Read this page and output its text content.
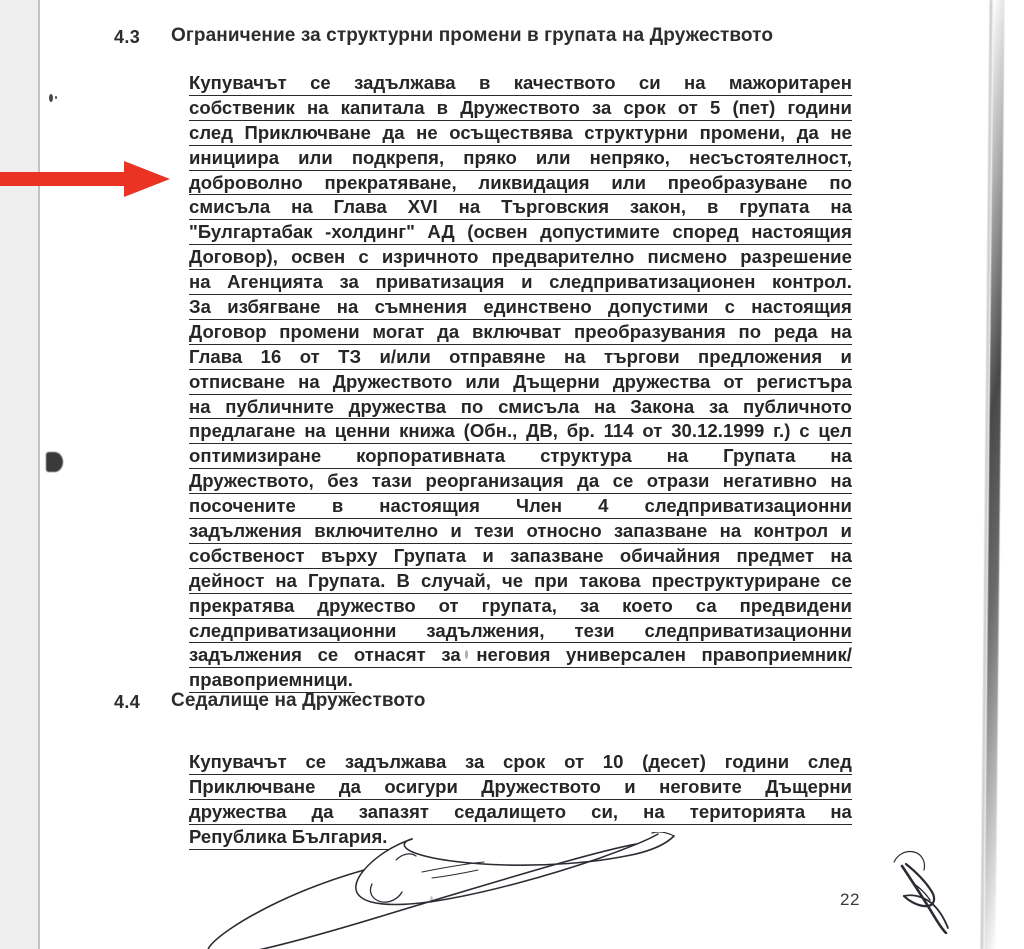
4.3 Ограничение за структурни промени в групата на Дружеството
Купувачът се задължава в качеството си на мажоритарен
собственик на капитала в Дружеството за срок от 5 (пет) години
след Приключване да не осъществява структурни промени, да не
инициира или подкрепя, пряко или непряко, несъстоятелност,
доброволно прекратяване, ликвидация или преобразуване по
смисъла на Глава XVI на Търговския закон, в групата на
"Булгартабак -холдинг" АД (освен допустимите според настоящия
Договор), освен с изричното предварително писмено разрешение
на Агенцията за приватизация и следприватизационен контрол.
За избягване на съмнения единствено допустими с настоящия
Договор промени могат да включват преобразувания по реда на
Глава 16 от ТЗ и/или отправяне на търгови предложения и
отписване на Дружеството или Дъщерни дружества от регистъра
на публичните дружества по смисъла на Закона за публичното
предлагане на ценни книжа (Обн., ДВ, бр. 114 от 30.12.1999 г.) с цел
оптимизиране корпоративната структура на Групата на
Дружеството, без тази реорганизация да се отрази негативно на
посочените в настоящия Член 4 следприватизационни
задължения включително и тези относно запазване на контрол и
собственост върху Групата и запазване обичайния предмет на
дейност на Групата. В случай, че при такова преструктуриране се
прекратява дружество от групата, за което са предвидени
следприватизационни задължения, тези следприватизационни
задължения се отнасят за неговия универсален правоприемник/
правоприемници.
4.4 Седалище на Дружеството
Купувачът се задължава за срок от 10 (десет) години след
Приключване да осигури Дружеството и неговите Дъщерни
дружества да запазят седалището си, на територията на
Република България.
22
